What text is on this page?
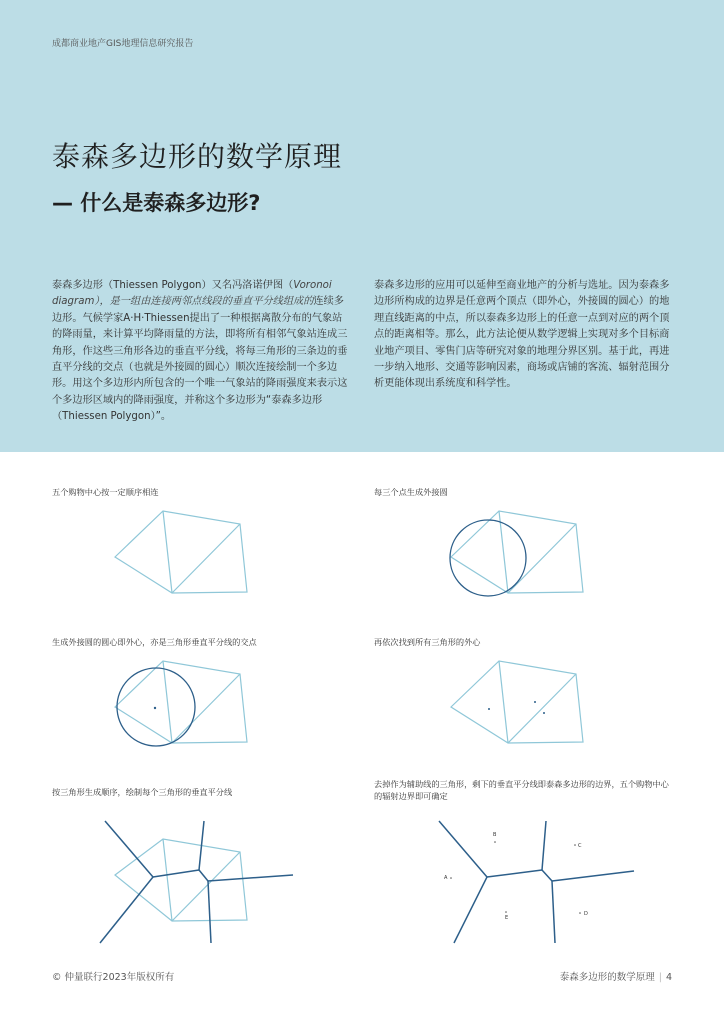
成都商业地产GIS地理信息研究报告
泰森多边形的数学原理
— 什么是泰森多边形?
泰森多边形（Thiessen Polygon）又名冯洛诺伊图（Voronoi diagram），是一组由连接两邻点线段的垂直平分线组成的连续多边形。气候学家A·H·Thiessen提出了一种根据离散分布的气象站的降雨量，来计算平均降雨量的方法，即将所有相邻气象站连成三角形，作这些三角形各边的垂直平分线，将每三角形的三条边的垂直平分线的交点（也就是外接圆的圆心）顺次连接绘制一个多边形。用这个多边形内所包含的一个唯一气象站的降雨强度来表示这个多边形区域内的降雨强度，并称这个多边形为“泰森多边形（Thiessen Polygon）”。
泰森多边形的应用可以延伸至商业地产的分析与选址。因为泰森多边形所构成的边界是任意两个顶点（即外心，外接圆的圆心）的地理直线距离的中点，所以泰森多边形上的任意一点到对应的两个顶点的距离相等。那么，此方法论便从数学逻辑上实现对多个目标商业地产项目、零售门店等研究对象的地理分界区别。基于此，再进一步纳入地形、交通等影响因素，商场或店铺的客流、辐射范围分析更能体现出系统度和科学性。
五个购物中心按一定顺序相连	每三个点生成外接圆
生成外接圆的圆心即外心，亦是三角形垂直平分线的交点	再依次找到所有三角形的外心
按三角形生成顺序，绘制每个三角形的垂直平分线
去掉作为辅助线的三角形，剩下的垂直平分线即泰森多边形的边界，五个购物中心的辐射边界即可确定
B
A
C
D
E
© 仲量联行2023年版权所有	泰森多边形的数学原理 | 4
